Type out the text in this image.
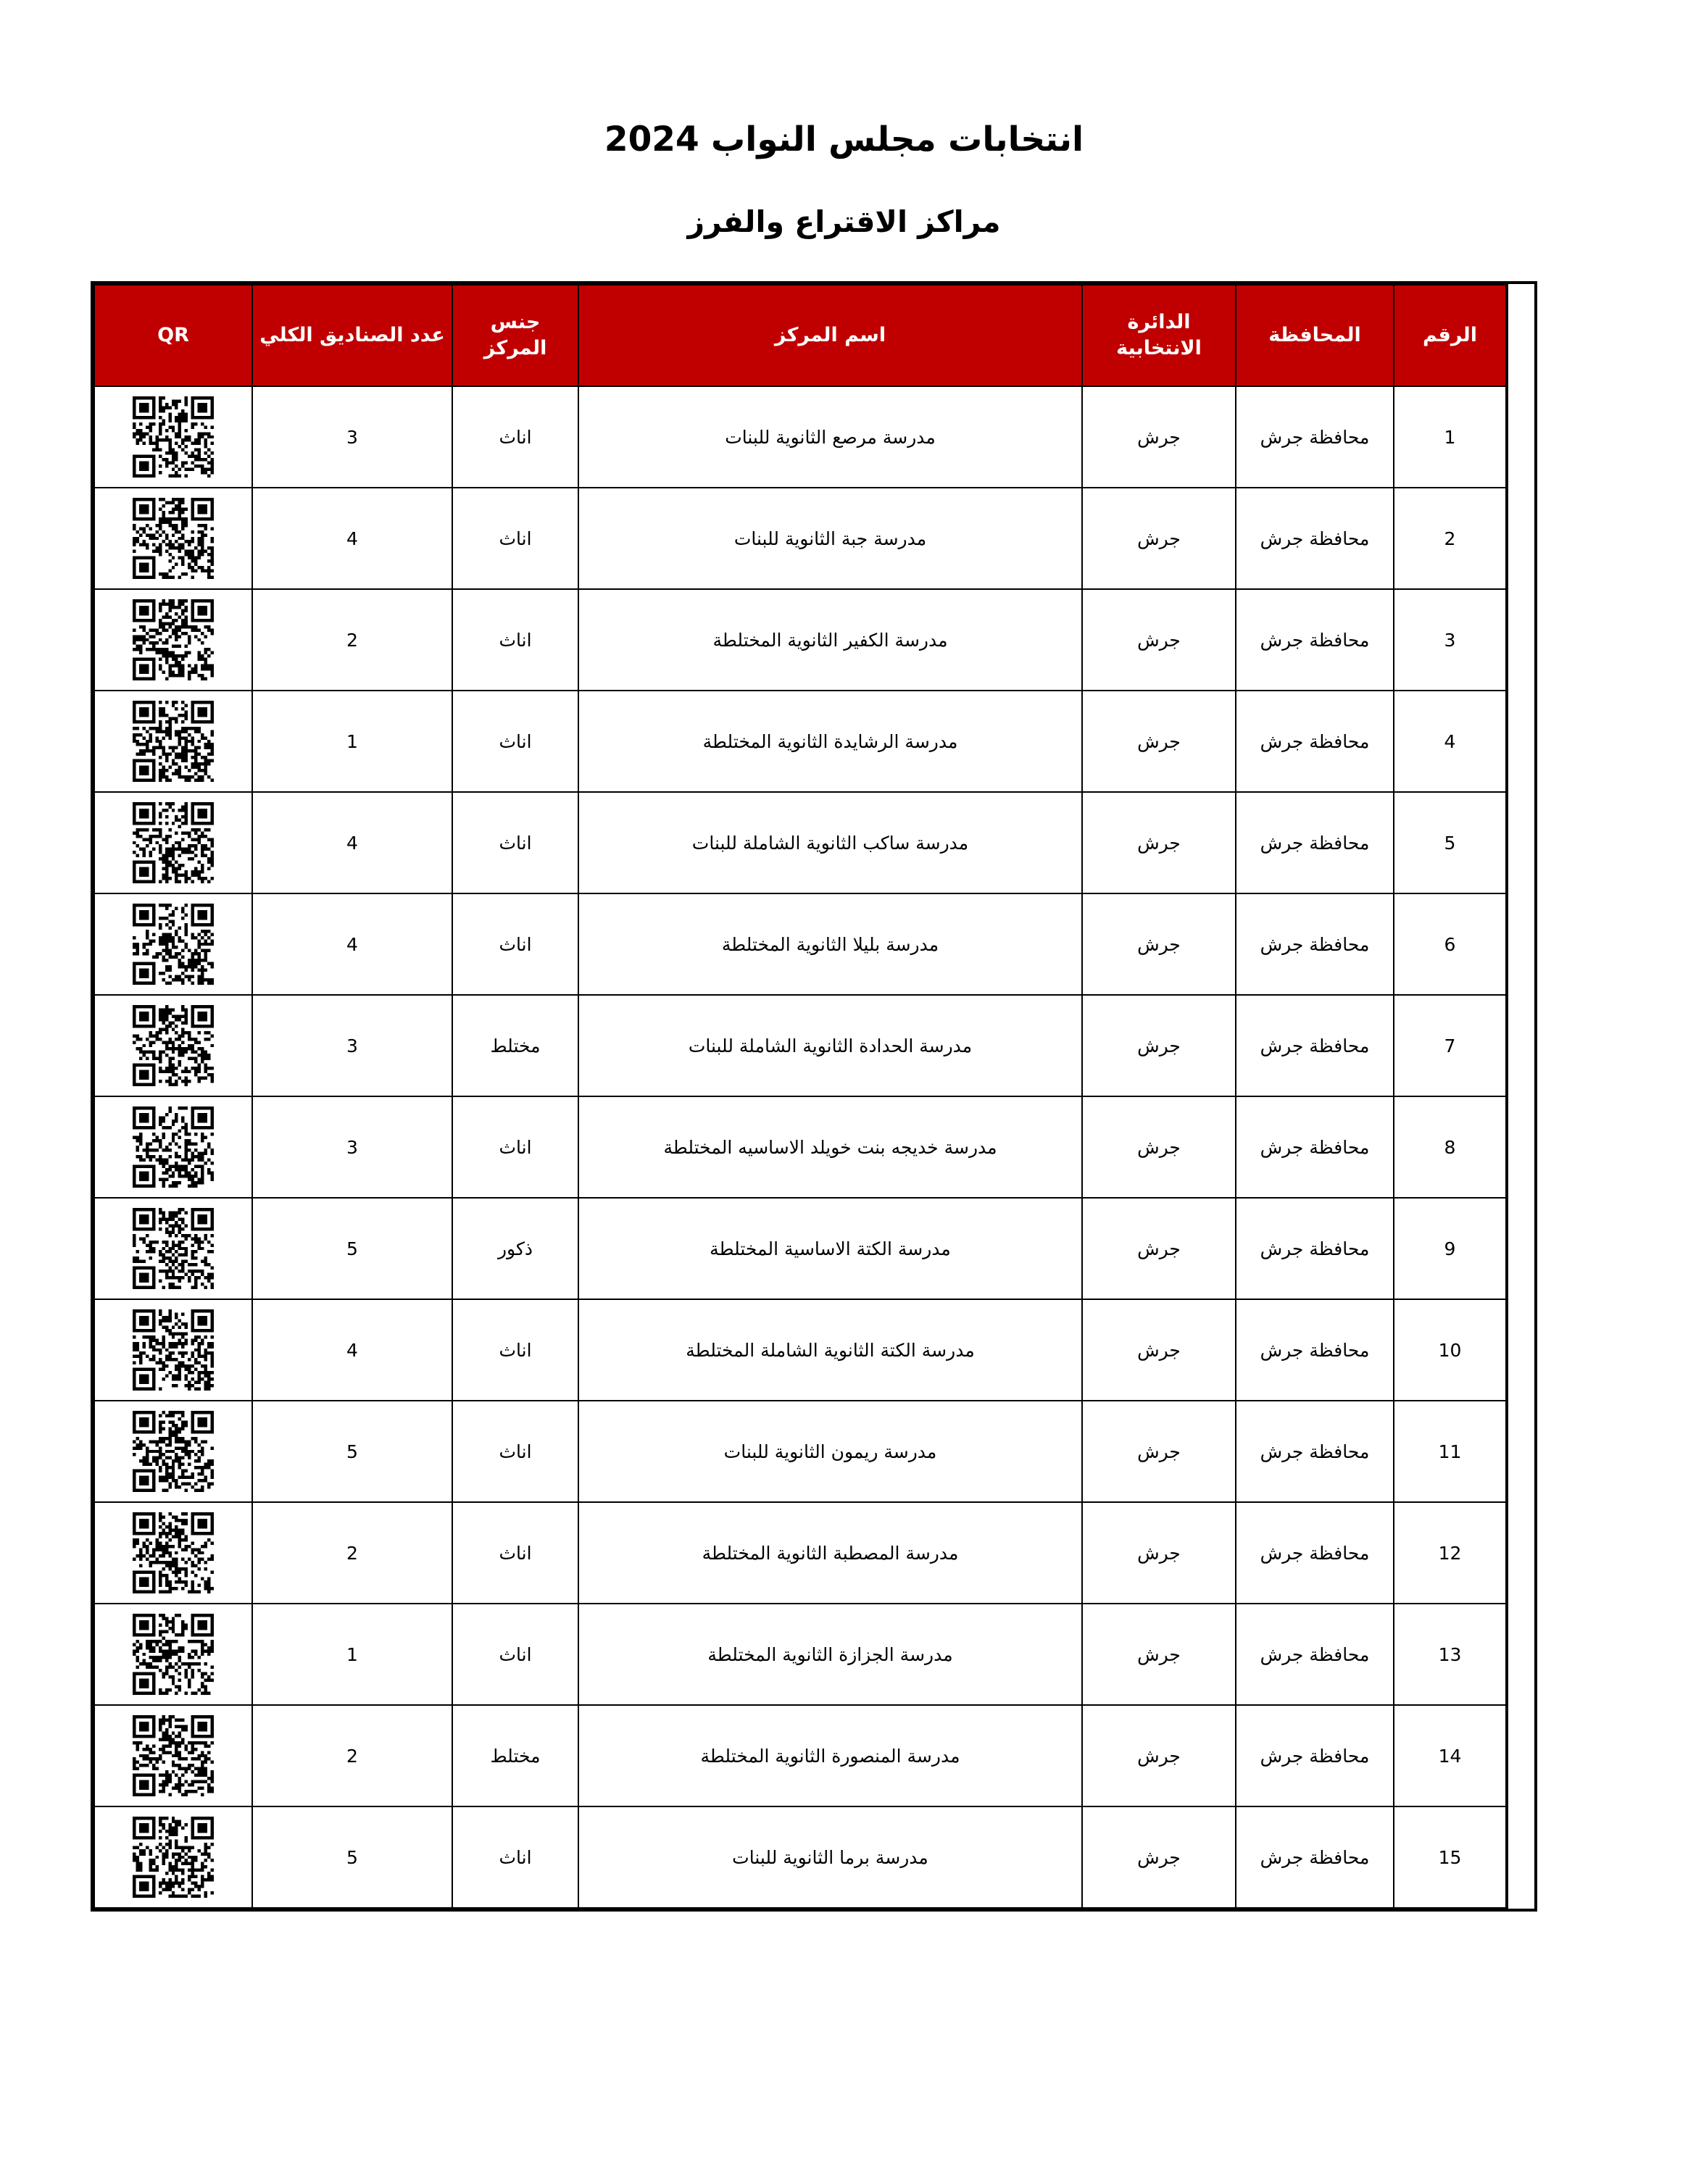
انتخابات مجلس النواب 2024
مراكز الاقتراع والفرز
الرقم	المحافظة	الدائرة الانتخابية	اسم المركز	جنس المركز	عدد الصناديق الكلي	QR
1	محافظة جرش	جرش	مدرسة مرصع الثانوية للبنات	اناث	3	

2	محافظة جرش	جرش	مدرسة جبة الثانوية للبنات	اناث	4	

3	محافظة جرش	جرش	مدرسة الكفير الثانوية المختلطة	اناث	2	

4	محافظة جرش	جرش	مدرسة الرشايدة الثانوية المختلطة	اناث	1	

5	محافظة جرش	جرش	مدرسة ساكب الثانوية الشاملة للبنات	اناث	4	

6	محافظة جرش	جرش	مدرسة بليلا الثانوية المختلطة	اناث	4	

7	محافظة جرش	جرش	مدرسة الحدادة الثانوية الشاملة للبنات	مختلط	3	

8	محافظة جرش	جرش	مدرسة خديجه بنت خويلد الاساسيه المختلطة	اناث	3	

9	محافظة جرش	جرش	مدرسة الكتة الاساسية المختلطة	ذكور	5	

10	محافظة جرش	جرش	مدرسة الكتة الثانوية الشاملة المختلطة	اناث	4	

11	محافظة جرش	جرش	مدرسة ريمون الثانوية للبنات	اناث	5	

12	محافظة جرش	جرش	مدرسة المصطبة الثانوية المختلطة	اناث	2	

13	محافظة جرش	جرش	مدرسة الجزازة الثانوية المختلطة	اناث	1	

14	محافظة جرش	جرش	مدرسة المنصورة الثانوية المختلطة	مختلط	2	

15	محافظة جرش	جرش	مدرسة برما الثانوية للبنات	اناث	5	
